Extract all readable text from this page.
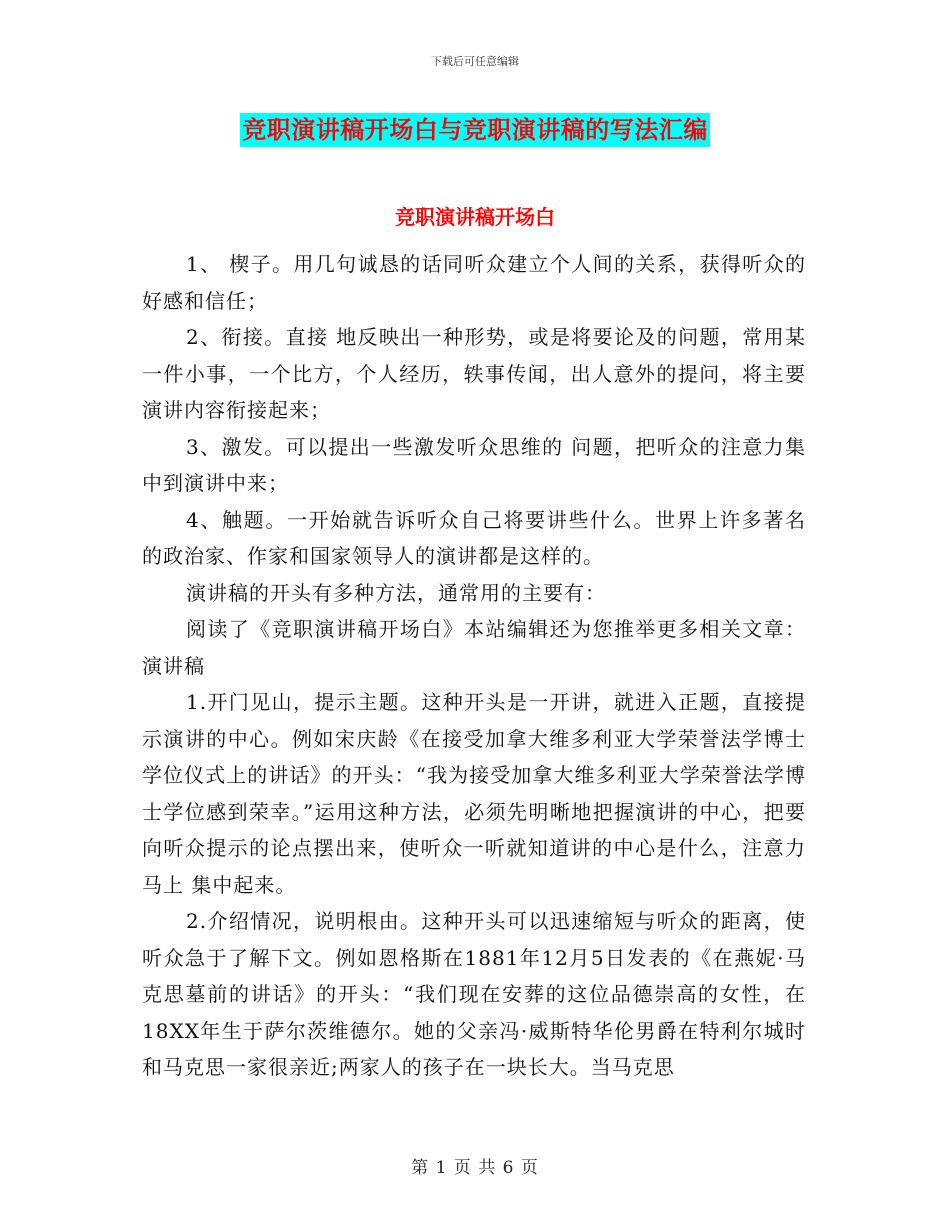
下载后可任意编辑
竞职演讲稿开场白与竞职演讲稿的写法汇编
竞职演讲稿开场白

1、 楔子。用几句诚恳的话同听众建立个人间的关系，获得听众的好感和信任；

2、衔接。直接 地反映出一种形势，或是将要论及的问题，常用某一件小事，一个比方，个人经历，轶事传闻，出人意外的提问，将主要演讲内容衔接起来；

3、激发。可以提出一些激发听众思维的 问题，把听众的注意力集中到演讲中来；

4、触题。一开始就告诉听众自己将要讲些什么。世界上许多著名的政治家、作家和国家领导人的演讲都是这样的。

演讲稿的开头有多种方法，通常用的主要有：

阅读了《竞职演讲稿开场白》本站编辑还为您推举更多相关文章：演讲稿

1.开门见山，提示主题。这种开头是一开讲，就进入正题，直接提示演讲的中心。例如宋庆龄《在接受加拿大维多利亚大学荣誉法学博士学位仪式上的讲话》的开头：“我为接受加拿大维多利亚大学荣誉法学博士学位感到荣幸。”运用这种方法，必须先明晰地把握演讲的中心，把要向听众提示的论点摆出来，使听众一听就知道讲的中心是什么，注意力马上 集中起来。

2.介绍情况，说明根由。这种开头可以迅速缩短与听众的距离，使听众急于了解下文。例如恩格斯在1881年12月5日发表的《在燕妮·马克思墓前的讲话》的开头：“我们现在安葬的这位品德崇高的女性，在18XX年生于萨尔茨维德尔。她的父亲冯·威斯特华伦男爵在特利尔城时和马克思一家很亲近;两家人的孩子在一块长大。当马克思

第 1 页 共 6 页
